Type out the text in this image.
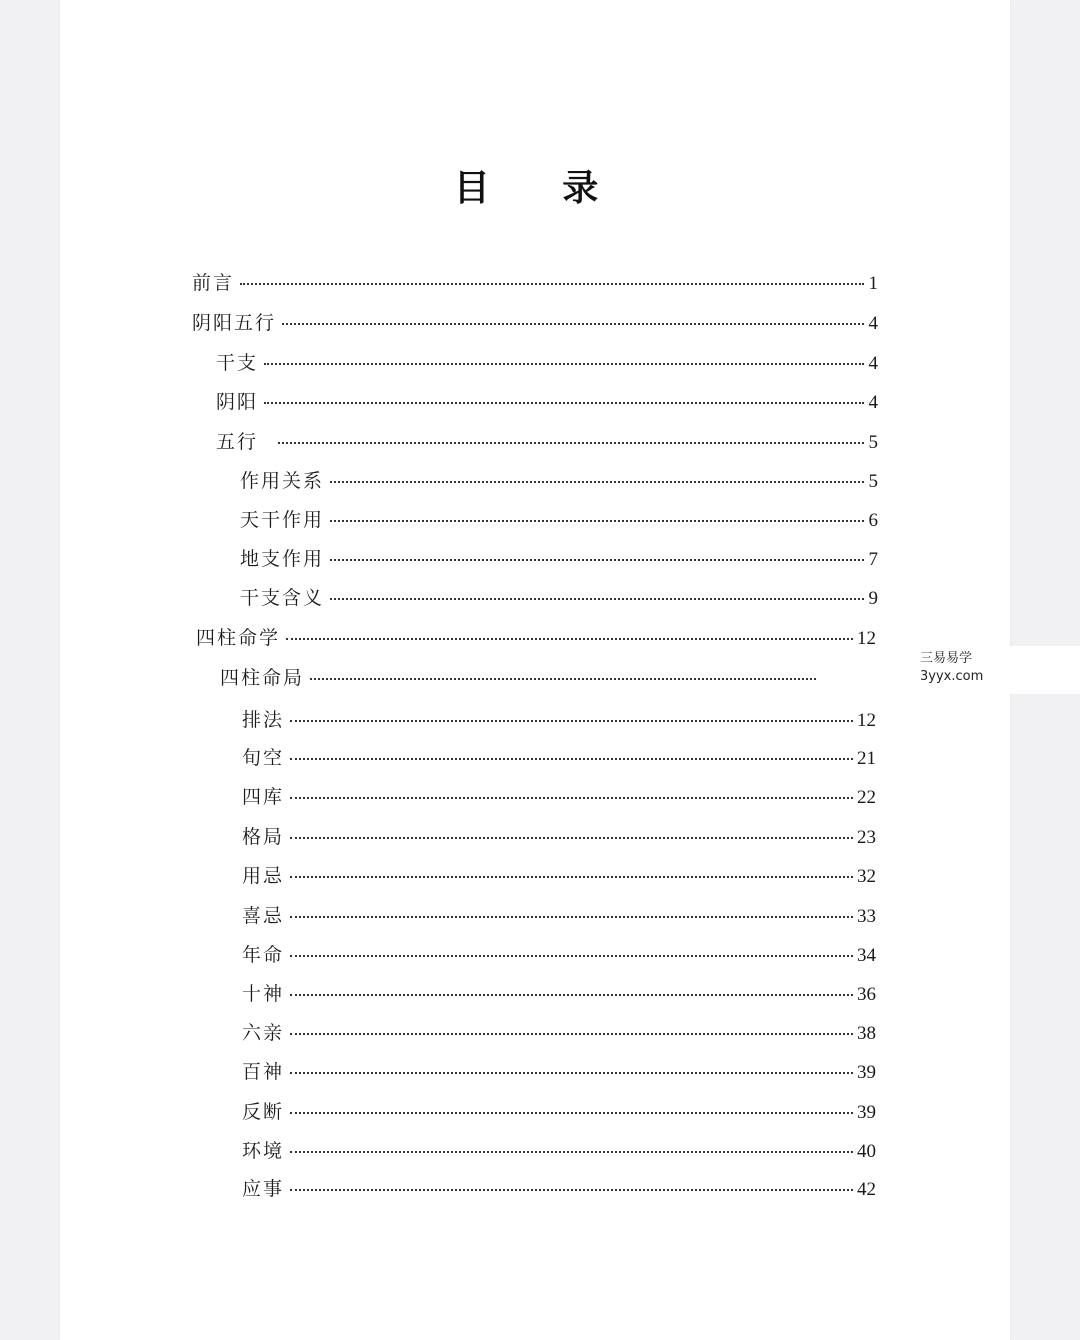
目 录
前言	1
阴阳五行	4
干支	4
阴阳	4
五行	5
作用关系	5
天干作用	6
地支作用	7
干支含义	9
四柱命学	12
四柱命局
排法	12
旬空	21
四库	22
格局	23
用忌	32
喜忌	33
年命	34
十神	36
六亲	38
百神	39
反断	39
环境	40
应事	42
三易易学
3yyx.com
